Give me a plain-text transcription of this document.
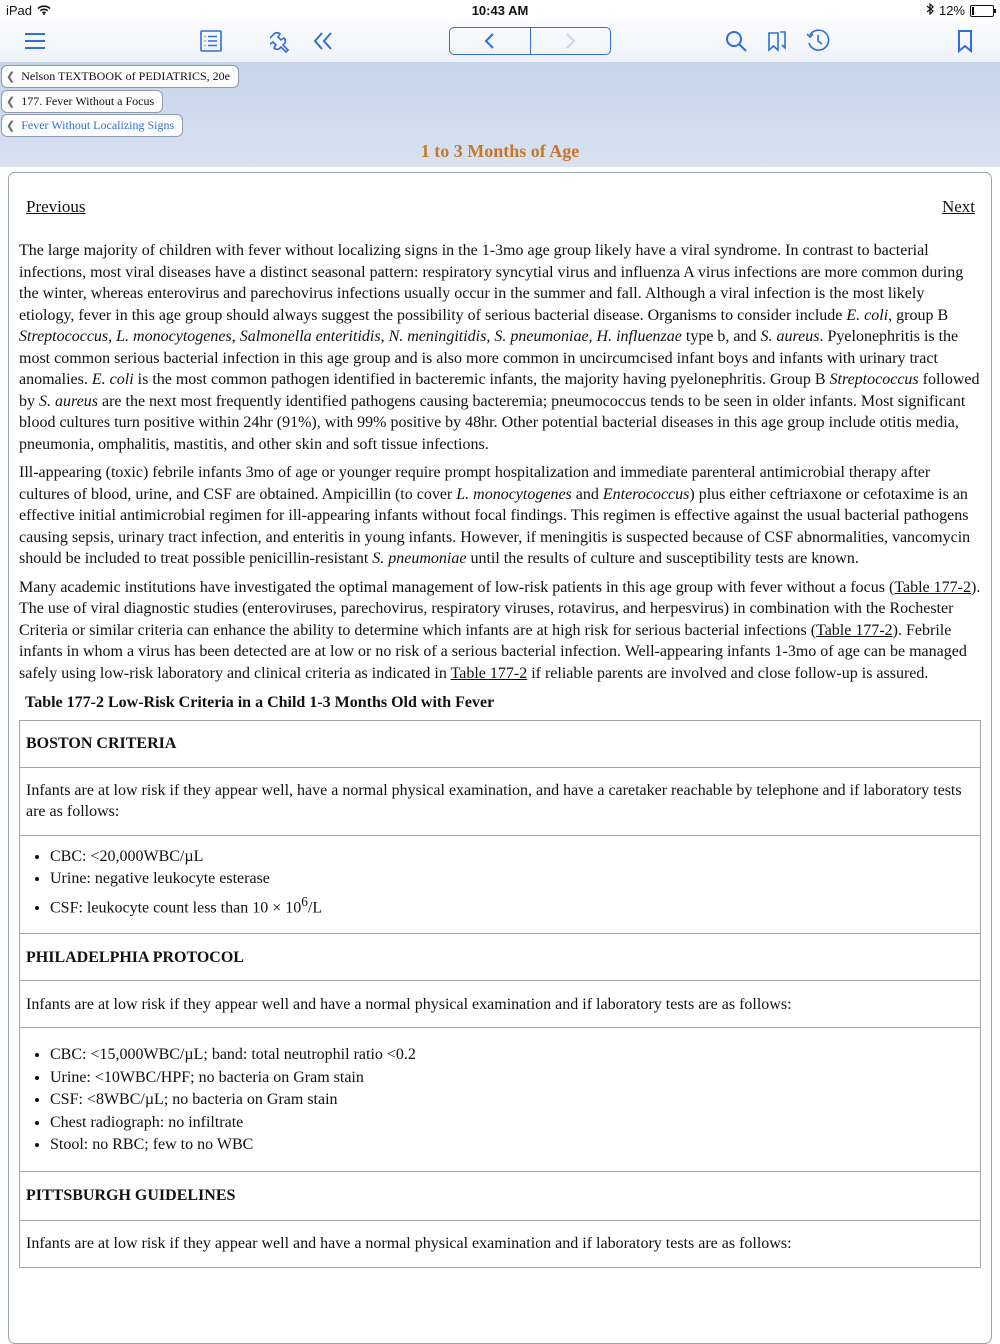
iPad	10:43 AM	12%
❮ Nelson TEXTBOOK of PEDIATRICS, 20e
❮ 177. Fever Without a Focus
❮ Fever Without Localizing Signs
1 to 3 Months of Age
Previous	Next

The large majority of children with fever without localizing signs in the 1-3mo age group likely have a viral syndrome. In contrast to bacterial infections, most viral diseases have a distinct seasonal pattern: respiratory syncytial virus and influenza A virus infections are more common during the winter, whereas enterovirus and parechovirus infections usually occur in the summer and fall. Although a viral infection is the most likely etiology, fever in this age group should always suggest the possibility of serious bacterial disease. Organisms to consider include E. coli, group B Streptococcus, L. monocytogenes, Salmonella enteritidis, N. meningitidis, S. pneumoniae, H. influenzae type b, and S. aureus. Pyelonephritis is the most common serious bacterial infection in this age group and is also more common in uncircumcised infant boys and infants with urinary tract anomalies. E. coli is the most common pathogen identified in bacteremic infants, the majority having pyelonephritis. Group B Streptococcus followed by S. aureus are the next most frequently identified pathogens causing bacteremia; pneumococcus tends to be seen in older infants. Most significant blood cultures turn positive within 24hr (91%), with 99% positive by 48hr. Other potential bacterial diseases in this age group include otitis media, pneumonia, omphalitis, mastitis, and other skin and soft tissue infections.

Ill-appearing (toxic) febrile infants 3mo of age or younger require prompt hospitalization and immediate parenteral antimicrobial therapy after cultures of blood, urine, and CSF are obtained. Ampicillin (to cover L. monocytogenes and Enterococcus) plus either ceftriaxone or cefotaxime is an effective initial antimicrobial regimen for ill-appearing infants without focal findings. This regimen is effective against the usual bacterial pathogens causing sepsis, urinary tract infection, and enteritis in young infants. However, if meningitis is suspected because of CSF abnormalities, vancomycin should be included to treat possible penicillin-resistant S. pneumoniae until the results of culture and susceptibility tests are known.

Many academic institutions have investigated the optimal management of low-risk patients in this age group with fever without a focus (Table 177-2). The use of viral diagnostic studies (enteroviruses, parechovirus, respiratory viruses, rotavirus, and herpesvirus) in combination with the Rochester Criteria or similar criteria can enhance the ability to determine which infants are at high risk for serious bacterial infections (Table 177-2). Febrile infants in whom a virus has been detected are at low or no risk of a serious bacterial infection. Well-appearing infants 1-3mo of age can be managed safely using low-risk laboratory and clinical criteria as indicated in Table 177-2 if reliable parents are involved and close follow-up is assured.

Table 177-2 Low-Risk Criteria in a Child 1-3 Months Old with Fever
BOSTON CRITERIA
Infants are at low risk if they appear well, have a normal physical examination, and have a caretaker reachable by telephone and if laboratory tests are as follows:

• CBC: <20,000WBC/µL
• Urine: negative leukocyte esterase
• CSF: leukocyte count less than $10 \times 10^6/L$

PHILADELPHIA PROTOCOL
Infants are at low risk if they appear well and have a normal physical examination and if laboratory tests are as follows:

• CBC: <15,000WBC/µL; band: total neutrophil ratio <0.2
• Urine: <10WBC/HPF; no bacteria on Gram stain
• CSF: <8WBC/µL; no bacteria on Gram stain
• Chest radiograph: no infiltrate
• Stool: no RBC; few to no WBC

PITTSBURGH GUIDELINES
Infants are at low risk if they appear well and have a normal physical examination and if laboratory tests are as follows:
